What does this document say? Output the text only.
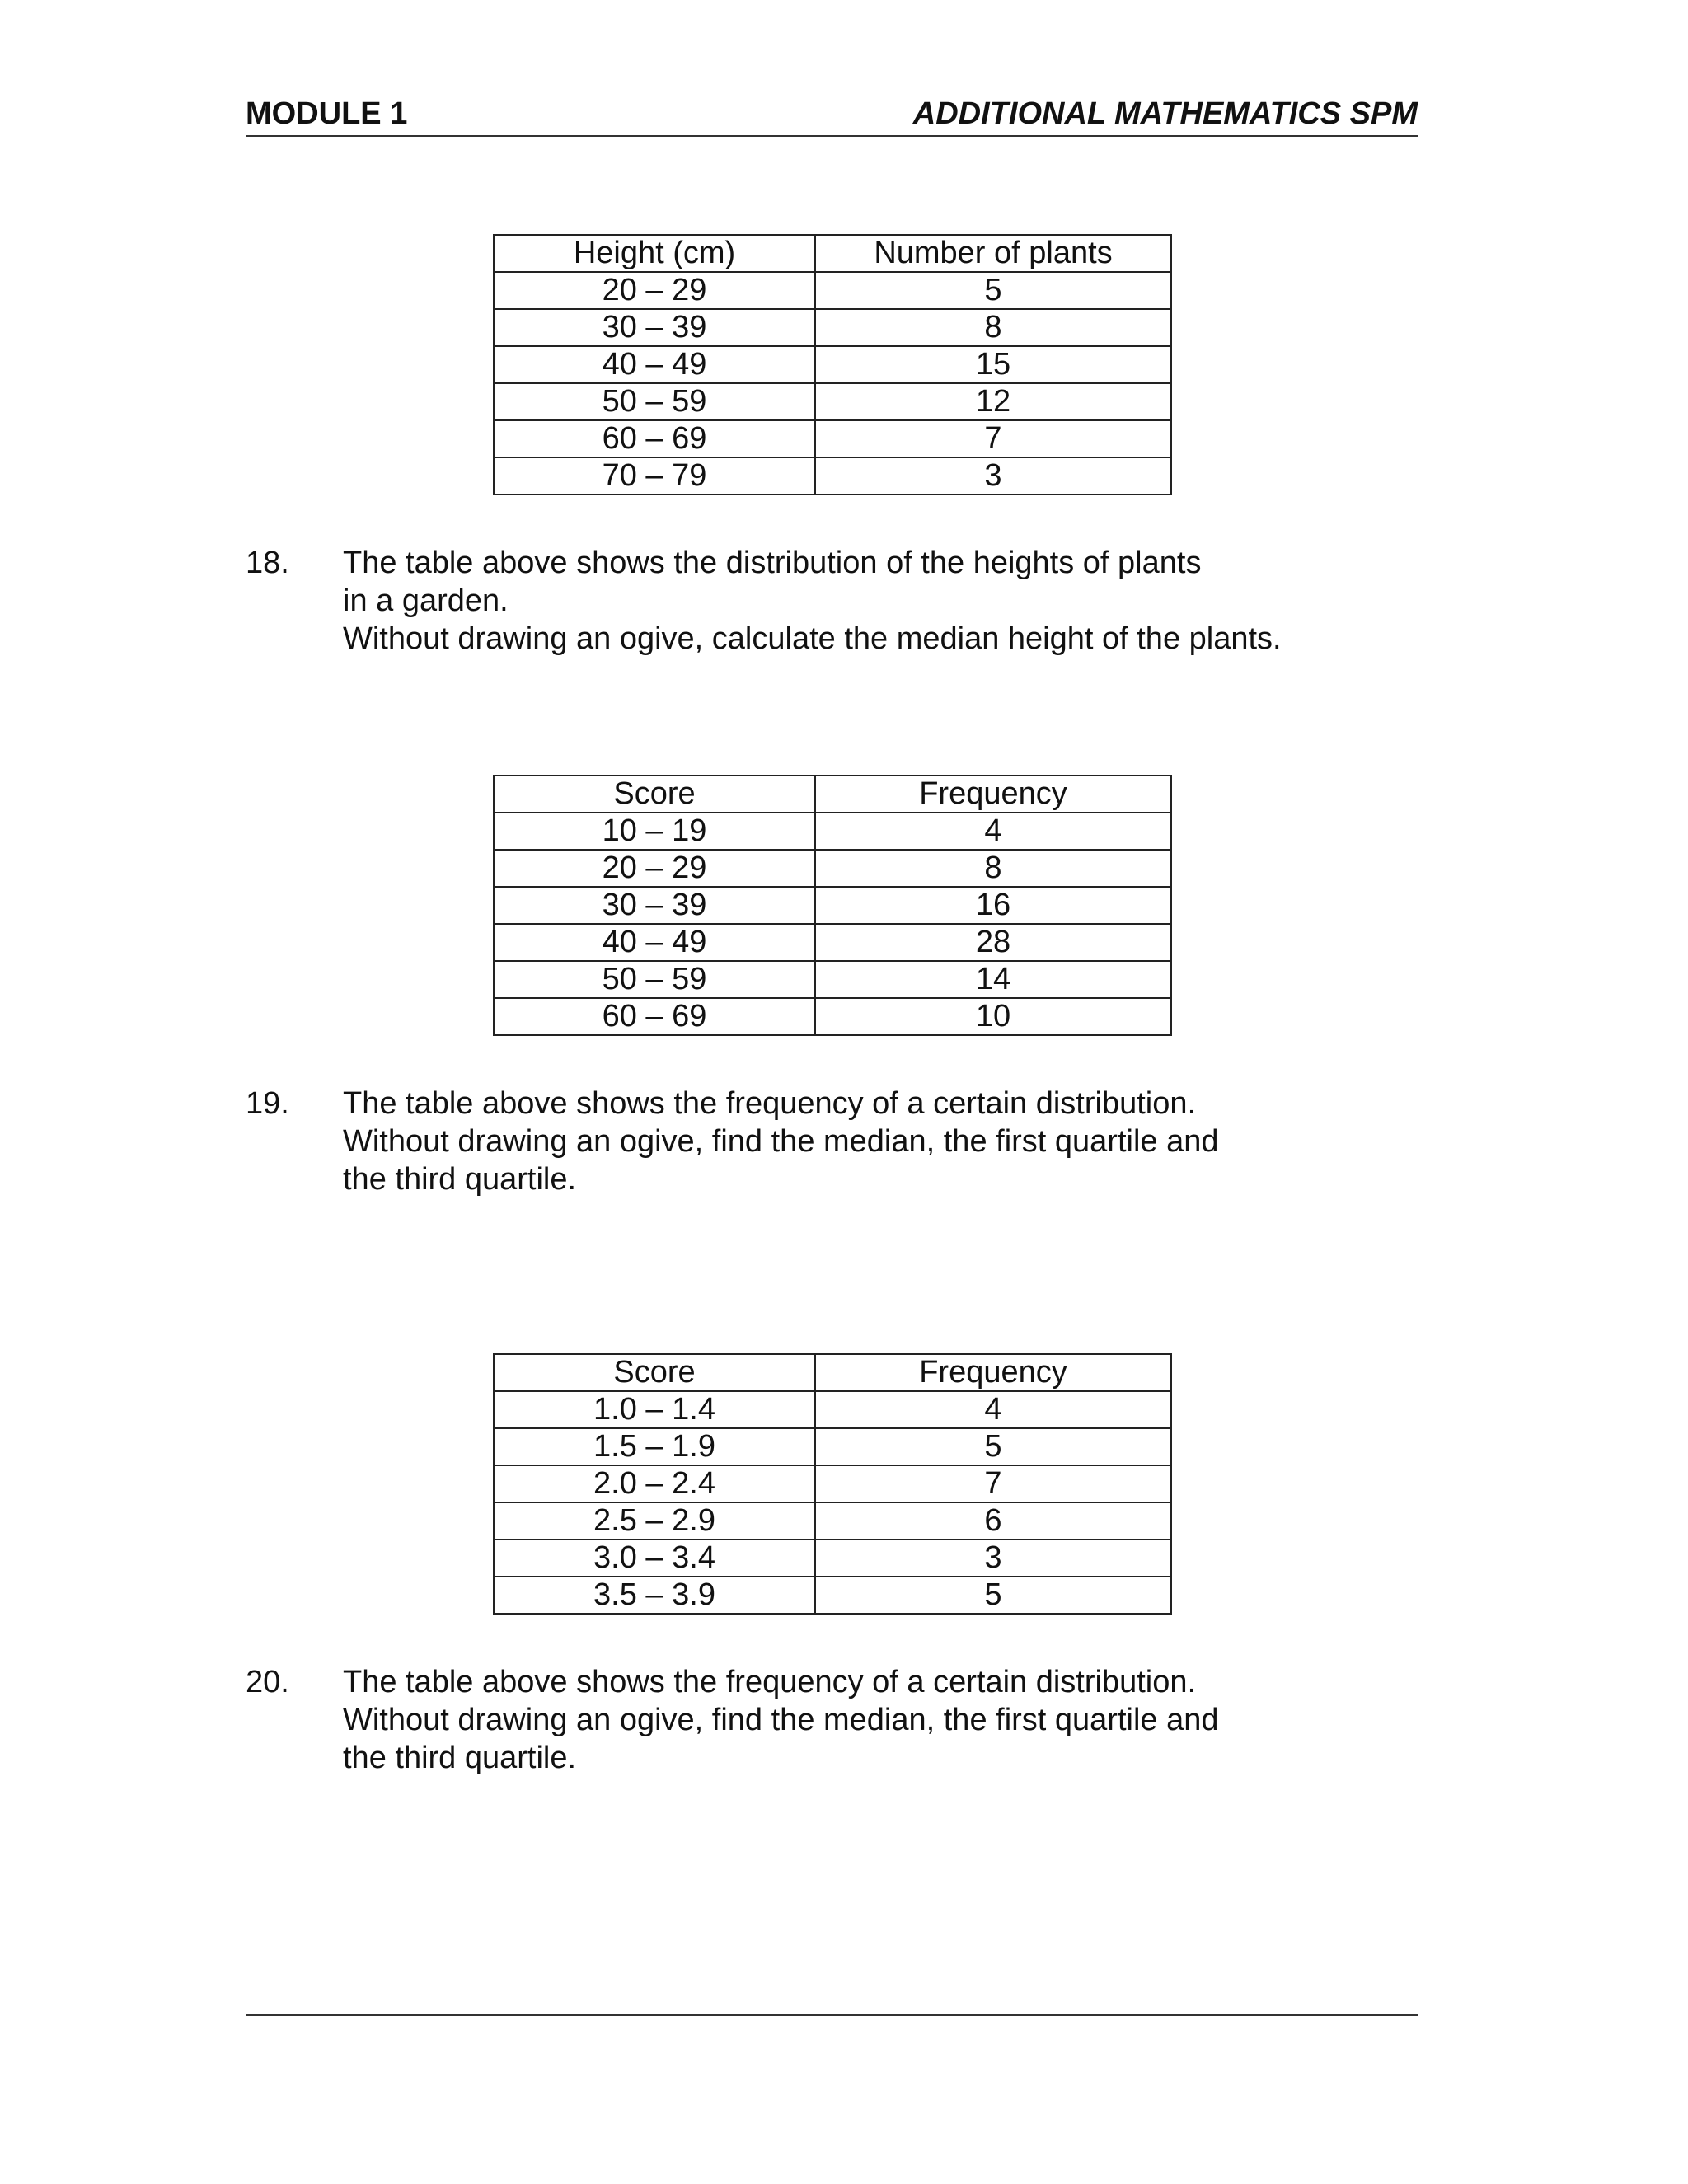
MODULE 1	ADDITIONAL MATHEMATICS SPM
Height (cm)	Number of plants
20 – 29	5
30 – 39	8
40 – 49	15
50 – 59	12
60 – 69	7
70 – 79	3
18. The table above shows the distribution of the heights of plants
in a garden.
Without drawing an ogive, calculate the median height of the plants.
Score	Frequency
10 – 19	4
20 – 29	8
30 – 39	16
40 – 49	28
50 – 59	14
60 – 69	10
19. The table above shows the frequency of a certain distribution.
Without drawing an ogive, find the median, the first quartile and
the third quartile.
Score	Frequency
1.0 – 1.4	4
1.5 – 1.9	5
2.0 – 2.4	7
2.5 – 2.9	6
3.0 – 3.4	3
3.5 – 3.9	5
20. The table above shows the frequency of a certain distribution.
Without drawing an ogive, find the median, the first quartile and
the third quartile.
